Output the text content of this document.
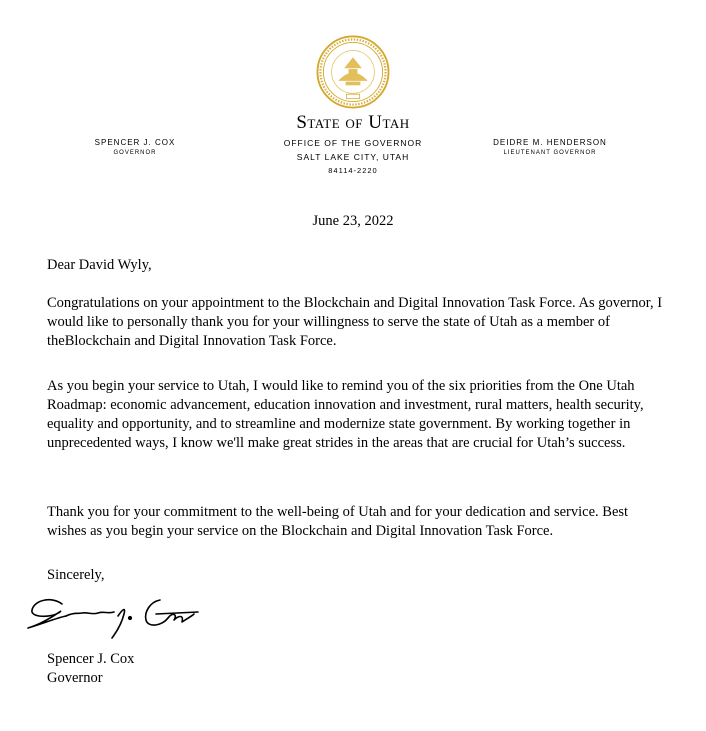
State of Utah
OFFICE OF THE GOVERNOR
SALT LAKE CITY, UTAH
84114-2220
SPENCER J. COX
GOVERNOR
DEIDRE M. HENDERSON
LIEUTENANT GOVERNOR
June 23, 2022
Dear David Wyly,
Congratulations on your appointment to the Blockchain and Digital Innovation Task Force. As governor, I would like to personally thank you for your willingness to serve the state of Utah as a member of theBlockchain and Digital Innovation Task Force.
As you begin your service to Utah, I would like to remind you of the six priorities from the One Utah Roadmap: economic advancement, education innovation and investment, rural matters, health security, equality and opportunity, and to streamline and modernize state government. By working together in unprecedented ways, I know we'll make great strides in the areas that are crucial for Utah’s success.
Thank you for your commitment to the well-being of Utah and for your dedication and service. Best wishes as you begin your service on the Blockchain and Digital Innovation Task Force.
Sincerely,
Spencer J. Cox
Governor
